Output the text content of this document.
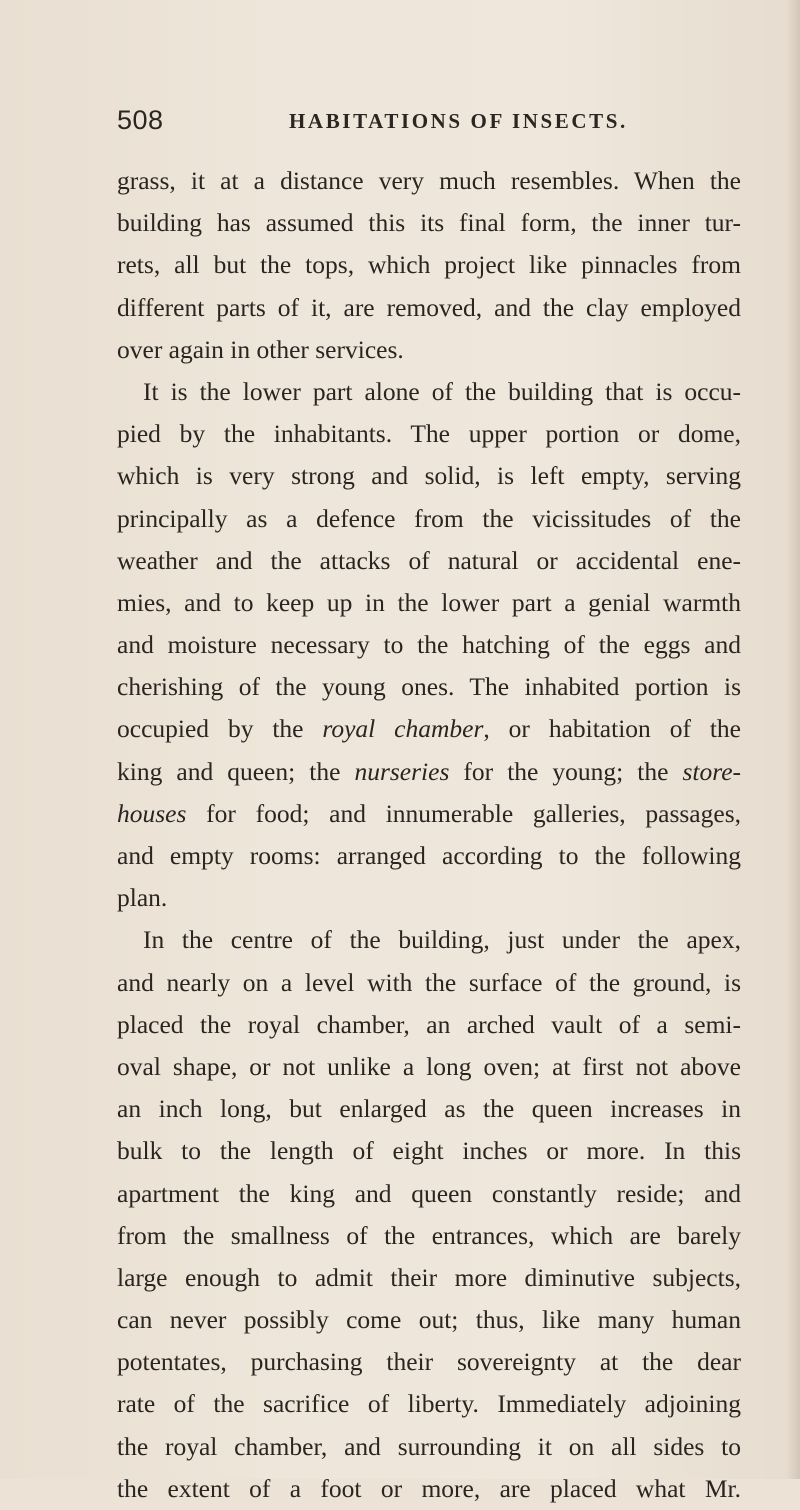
508	HABITATIONS OF INSECTS.
grass, it at a distance very much resembles. When the
building has assumed this its final form, the inner tur-
rets, all but the tops, which project like pinnacles from
different parts of it, are removed, and the clay employed
over again in other services.
It is the lower part alone of the building that is occu-
pied by the inhabitants. The upper portion or dome,
which is very strong and solid, is left empty, serving
principally as a defence from the vicissitudes of the
weather and the attacks of natural or accidental ene-
mies, and to keep up in the lower part a genial warmth
and moisture necessary to the hatching of the eggs and
cherishing of the young ones. The inhabited portion is
occupied by the royal chamber, or habitation of the
king and queen; the nurseries for the young; the store-
houses for food; and innumerable galleries, passages,
and empty rooms: arranged according to the following
plan.
In the centre of the building, just under the apex,
and nearly on a level with the surface of the ground, is
placed the royal chamber, an arched vault of a semi-
oval shape, or not unlike a long oven; at first not above
an inch long, but enlarged as the queen increases in
bulk to the length of eight inches or more. In this
apartment the king and queen constantly reside; and
from the smallness of the entrances, which are barely
large enough to admit their more diminutive subjects,
can never possibly come out; thus, like many human
potentates, purchasing their sovereignty at the dear
rate of the sacrifice of liberty. Immediately adjoining
the royal chamber, and surrounding it on all sides to
the extent of a foot or more, are placed what Mr.
